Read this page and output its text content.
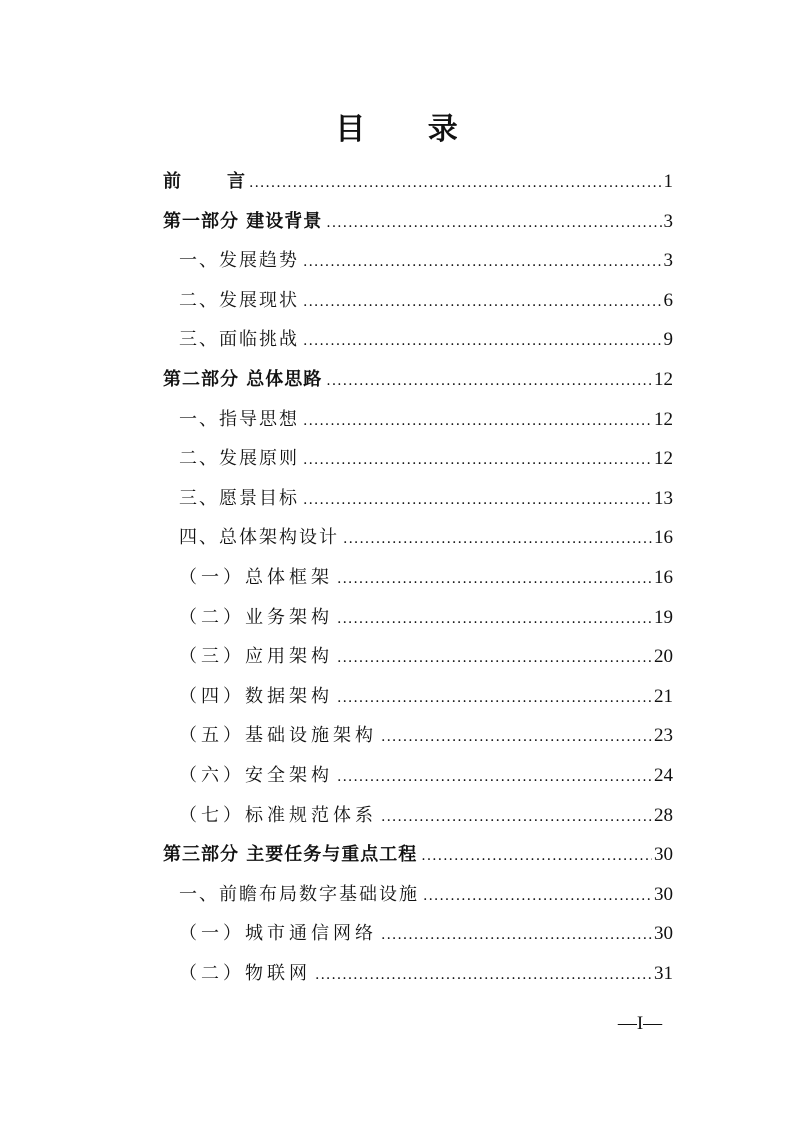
目 录
前	言 .....	1
第一部分 建设背景 .....	3
一、发展趋势 .....	3
二、发展现状 .....	6
三、面临挑战 .....	9
第二部分 总体思路 .....	12
一、指导思想 .....	12
二、发展原则 .....	12
三、愿景目标 .....	13
四、总体架构设计 .....	16
（一）总体框架 .....	16
（二）业务架构 .....	19
（三）应用架构 .....	20
（四）数据架构 .....	21
（五）基础设施架构 .....	23
（六）安全架构 .....	24
（七）标准规范体系 .....	28
第三部分 主要任务与重点工程 .....	30
一、前瞻布局数字基础设施 .....	30
（一）城市通信网络 .....	30
（二）物联网 .....	31

—I—
